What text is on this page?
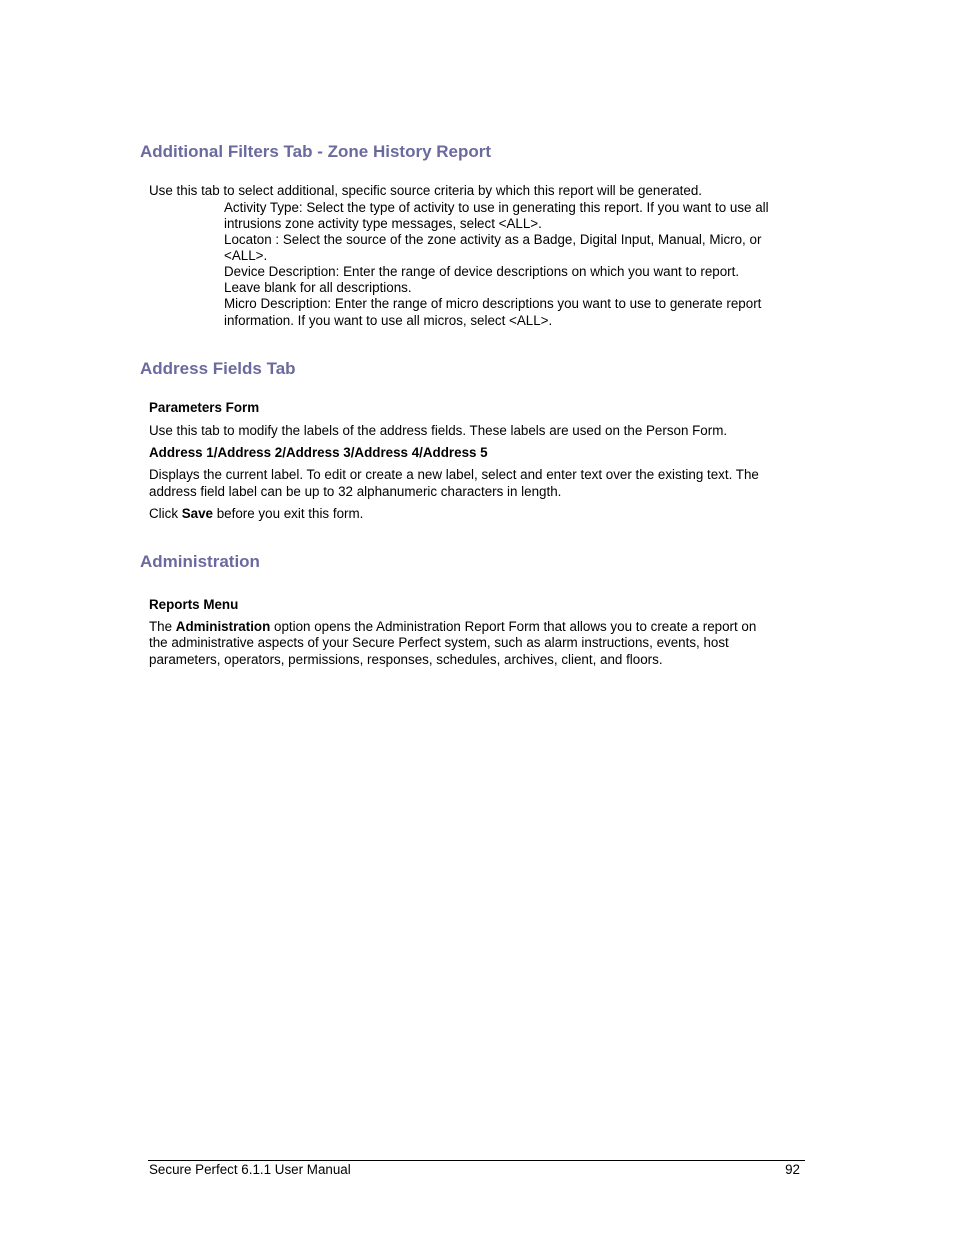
Additional Filters Tab - Zone History Report
Use this tab to select additional, specific source criteria by which this report will be generated.
Activity Type: Select the type of activity to use in generating this report. If you want to use all
intrusions zone activity type messages, select <ALL>.
Locaton : Select the source of the zone activity as a Badge, Digital Input, Manual, Micro, or
<ALL>.
Device Description: Enter the range of device descriptions on which you want to report.
Leave blank for all descriptions.
Micro Description: Enter the range of micro descriptions you want to use to generate report
information. If you want to use all micros, select <ALL>.
Address Fields Tab
Parameters Form
Use this tab to modify the labels of the address fields. These labels are used on the Person Form.
Address 1/Address 2/Address 3/Address 4/Address 5
Displays the current label. To edit or create a new label, select and enter text over the existing text. The
address field label can be up to 32 alphanumeric characters in length.
Click Save before you exit this form.
Administration
Reports Menu
The Administration option opens the Administration Report Form that allows you to create a report on
the administrative aspects of your Secure Perfect system, such as alarm instructions, events, host
parameters, operators, permissions, responses, schedules, archives, client, and floors.
Secure Perfect 6.1.1 User Manual	92
